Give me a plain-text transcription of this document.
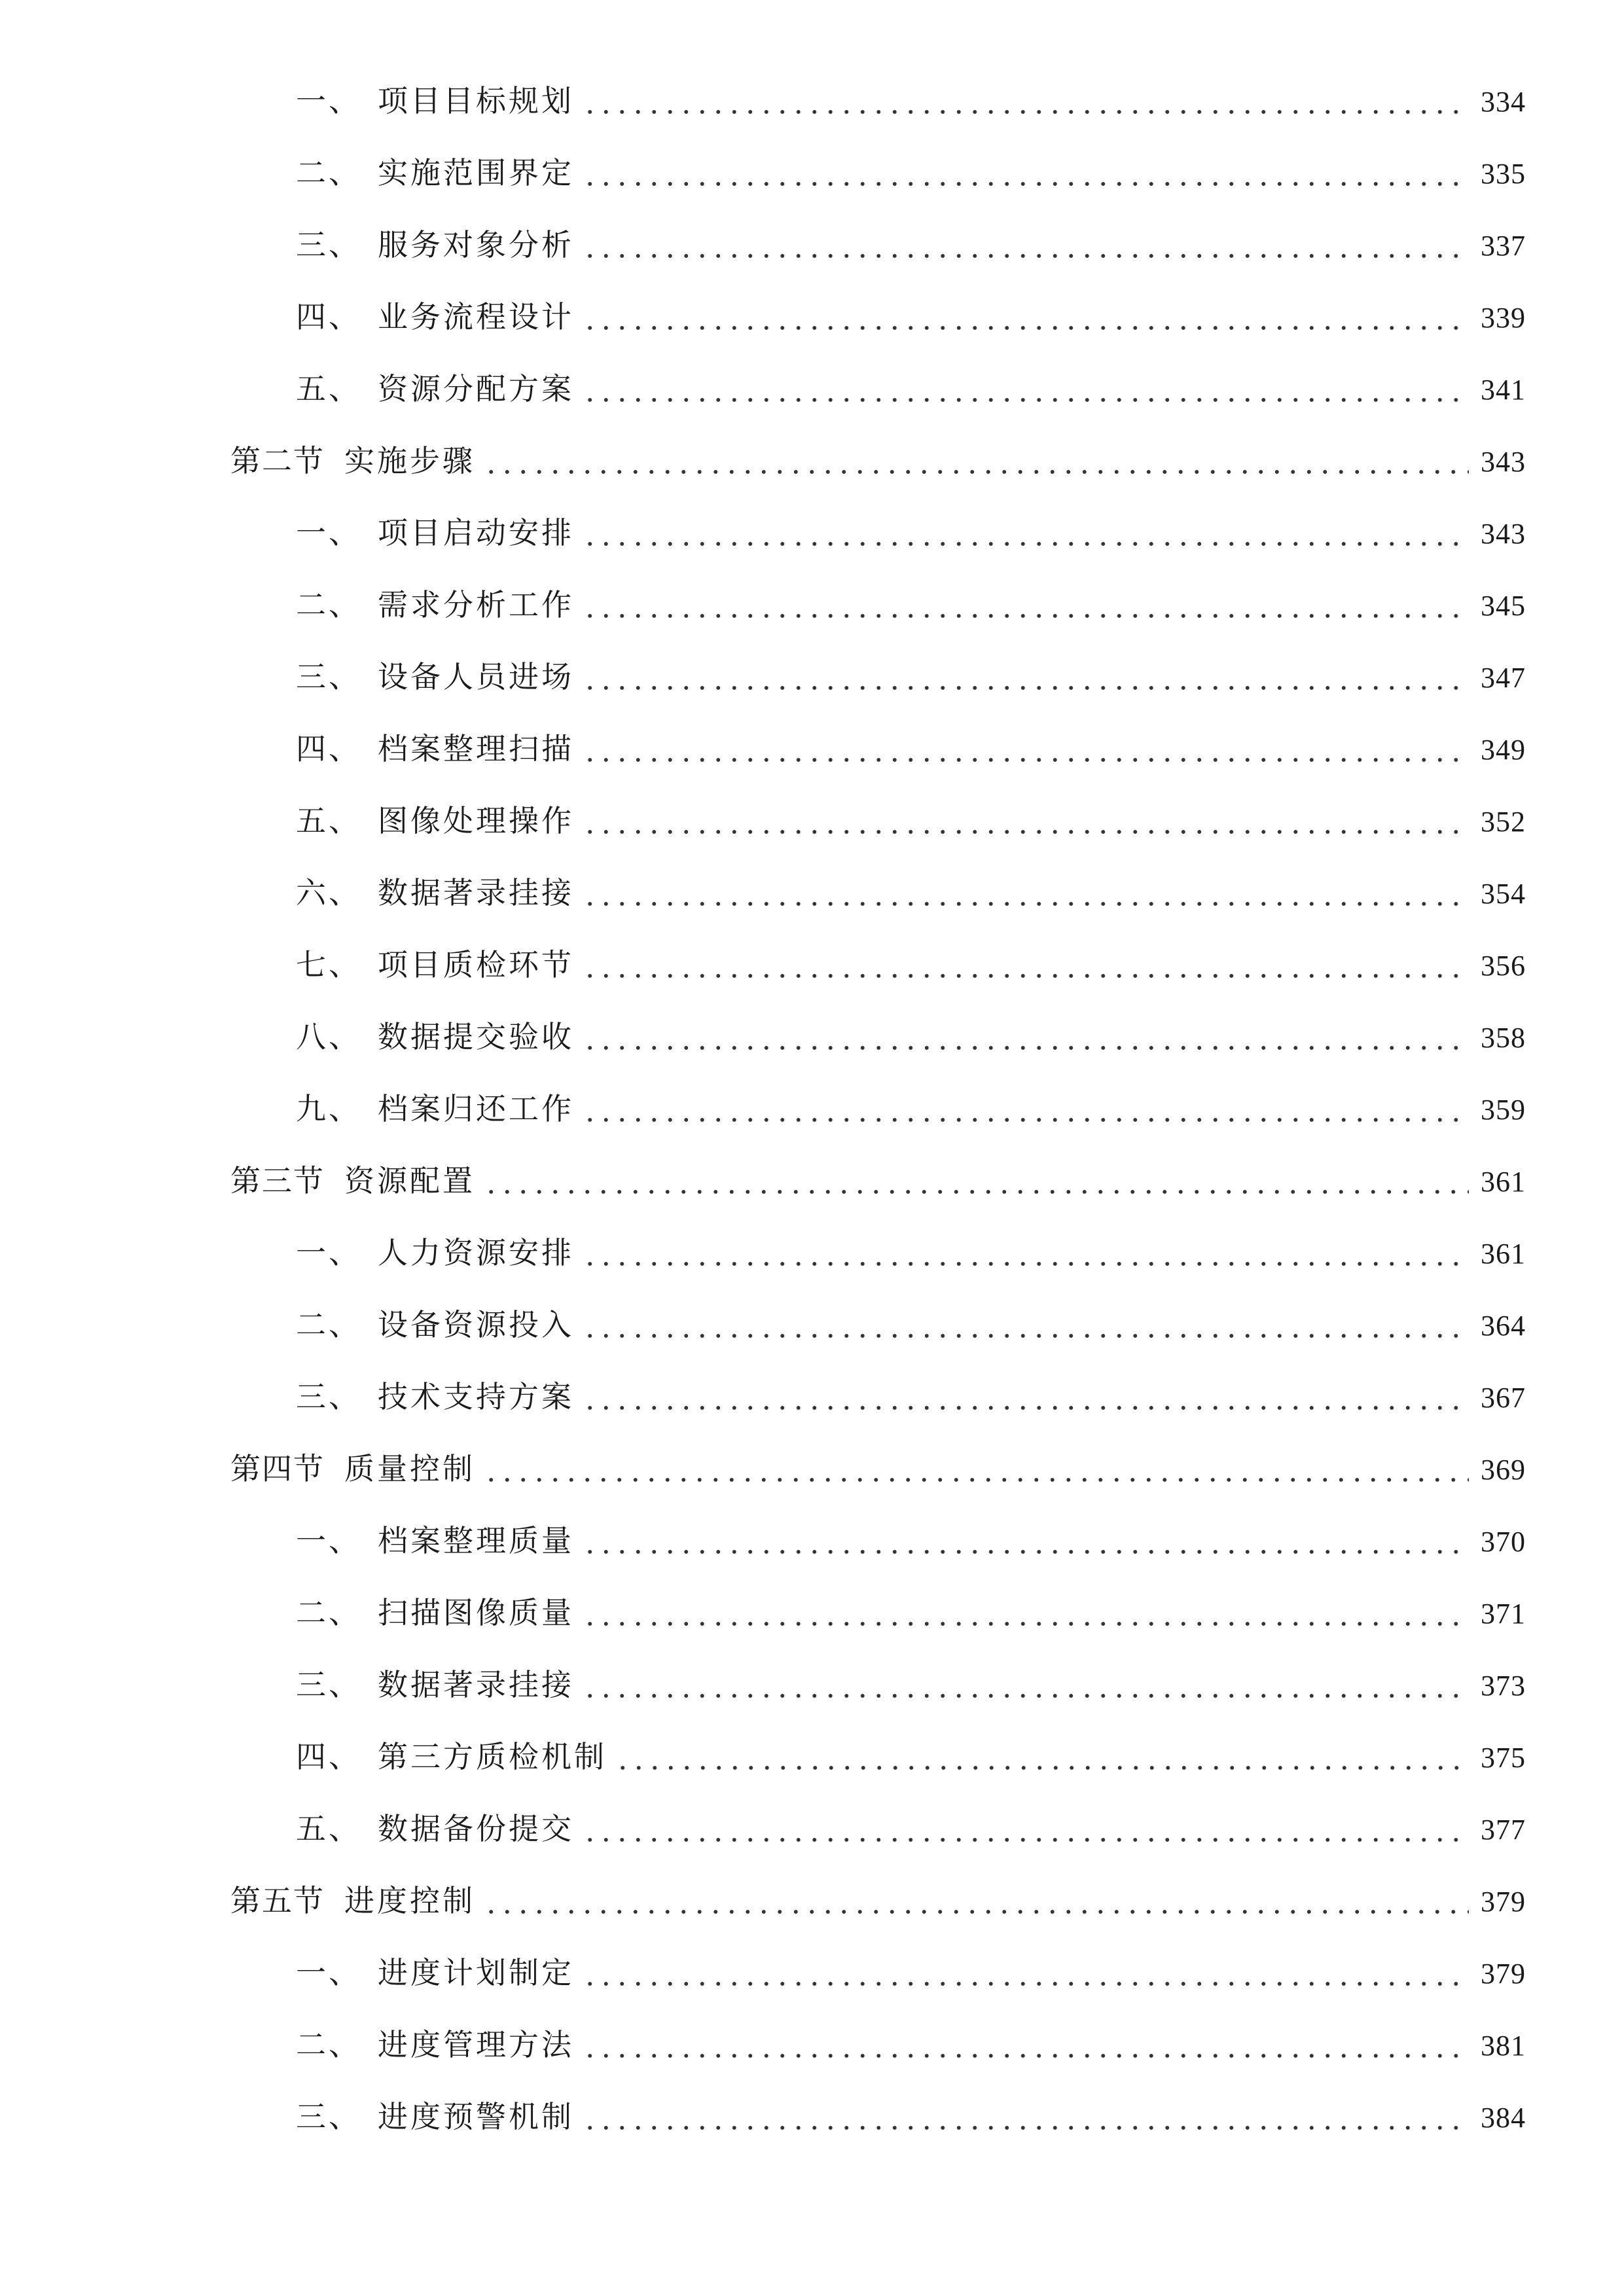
一、 项目目标规划	334
二、 实施范围界定	335
三、 服务对象分析	337
四、 业务流程设计	339
五、 资源分配方案	341
第二节 实施步骤	343
一、 项目启动安排	343
二、 需求分析工作	345
三、 设备人员进场	347
四、 档案整理扫描	349
五、 图像处理操作	352
六、 数据著录挂接	354
七、 项目质检环节	356
八、 数据提交验收	358
九、 档案归还工作	359
第三节 资源配置	361
一、 人力资源安排	361
二、 设备资源投入	364
三、 技术支持方案	367
第四节 质量控制	369
一、 档案整理质量	370
二、 扫描图像质量	371
三、 数据著录挂接	373
四、 第三方质检机制	375
五、 数据备份提交	377
第五节 进度控制	379
一、 进度计划制定	379
二、 进度管理方法	381
三、 进度预警机制	384
